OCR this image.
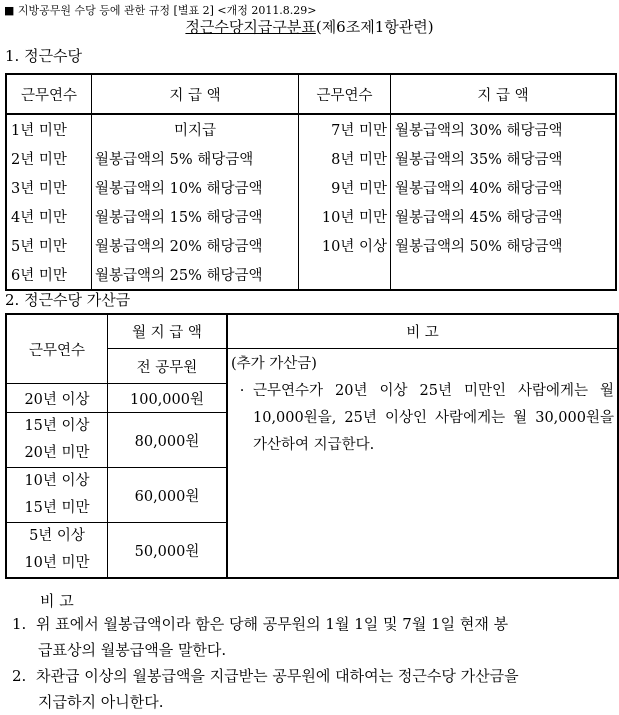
■ 지방공무원 수당 등에 관한 규정 [별표 2] <개정 2011.8.29>
정근수당지급구분표(제6조제1항관련)
1. 정근수당
근무연수	지 급 액	근무연수	지 급 액
1년 미만	미지급	7년 미만	월봉급액의 30% 해당금액
2년 미만	월봉급액의 5% 해당금액	8년 미만	월봉급액의 35% 해당금액
3년 미만	월봉급액의 10% 해당금액	9년 미만	월봉급액의 40% 해당금액
4년 미만	월봉급액의 15% 해당금액	10년 미만	월봉급액의 45% 해당금액
5년 미만	월봉급액의 20% 해당금액	10년 이상	월봉급액의 50% 해당금액
6년 미만	월봉급액의 25% 해당금액		
2. 정근수당 가산금
근무연수	월 지 급 액	비 고
	전 공무원	(추가 가산금)
· 근무연수가 20년 이상 25년 미만인 사람에게는 월 10,000원을, 25년 이상인 사람에게는 월 30,000원을 가산하여 지급한다.

20년 이상	100,000원	

15년 이상
20년 미만	80,000원	

10년 이상
15년 미만	60,000원	

5년 이상
10년 미만	50,000원	
비 고
1. 위 표에서 월봉급액이라 함은 당해 공무원의 1월 1일 및 7월 1일 현재 봉
급표상의 월봉급액을 말한다.
2. 차관급 이상의 월봉급액을 지급받는 공무원에 대하여는 정근수당 가산금을
지급하지 아니한다.
